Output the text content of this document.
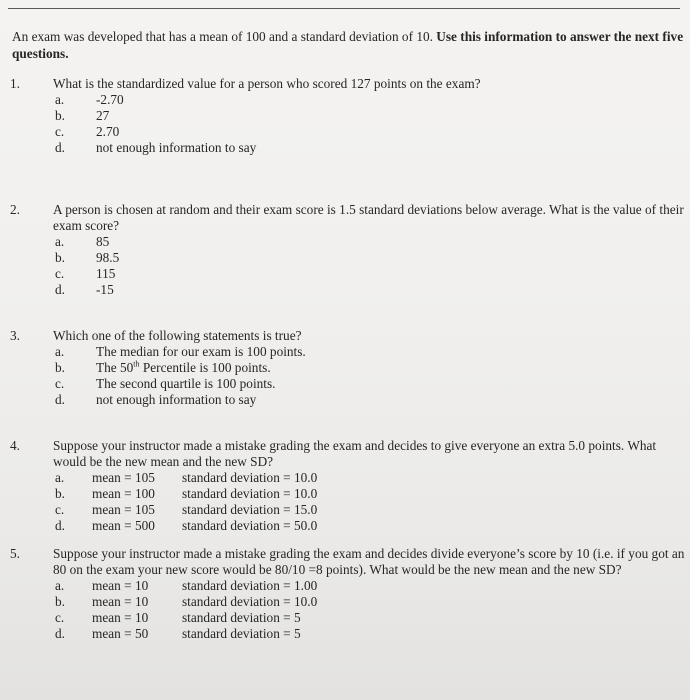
An exam was developed that has a mean of 100 and a standard deviation of 10. Use this information to answer the next five questions.
1. What is the standardized value for a person who scored 127 points on the exam?
a. -2.70
b. 27
c. 2.70
d. not enough information to say
2. A person is chosen at random and their exam score is 1.5 standard deviations below average. What is the value of their exam score?
a. 85
b. 98.5
c. 115
d. -15
3. Which one of the following statements is true?
a. The median for our exam is 100 points.
b. The 50th Percentile is 100 points.
c. The second quartile is 100 points.
d. not enough information to say
4. Suppose your instructor made a mistake grading the exam and decides to give everyone an extra 5.0 points. What would be the new mean and the new SD?
a. mean = 105 standard deviation = 10.0
b. mean = 100 standard deviation = 10.0
c. mean = 105 standard deviation = 15.0
d. mean = 500 standard deviation = 50.0
5. Suppose your instructor made a mistake grading the exam and decides divide everyone’s score by 10 (i.e. if you got an 80 on the exam your new score would be 80/10 =8 points). What would be the new mean and the new SD?
a. mean = 10	standard deviation = 1.00
b. mean = 10	standard deviation = 10.0
c. mean = 10	standard deviation = 5
d. mean = 50	standard deviation = 5
